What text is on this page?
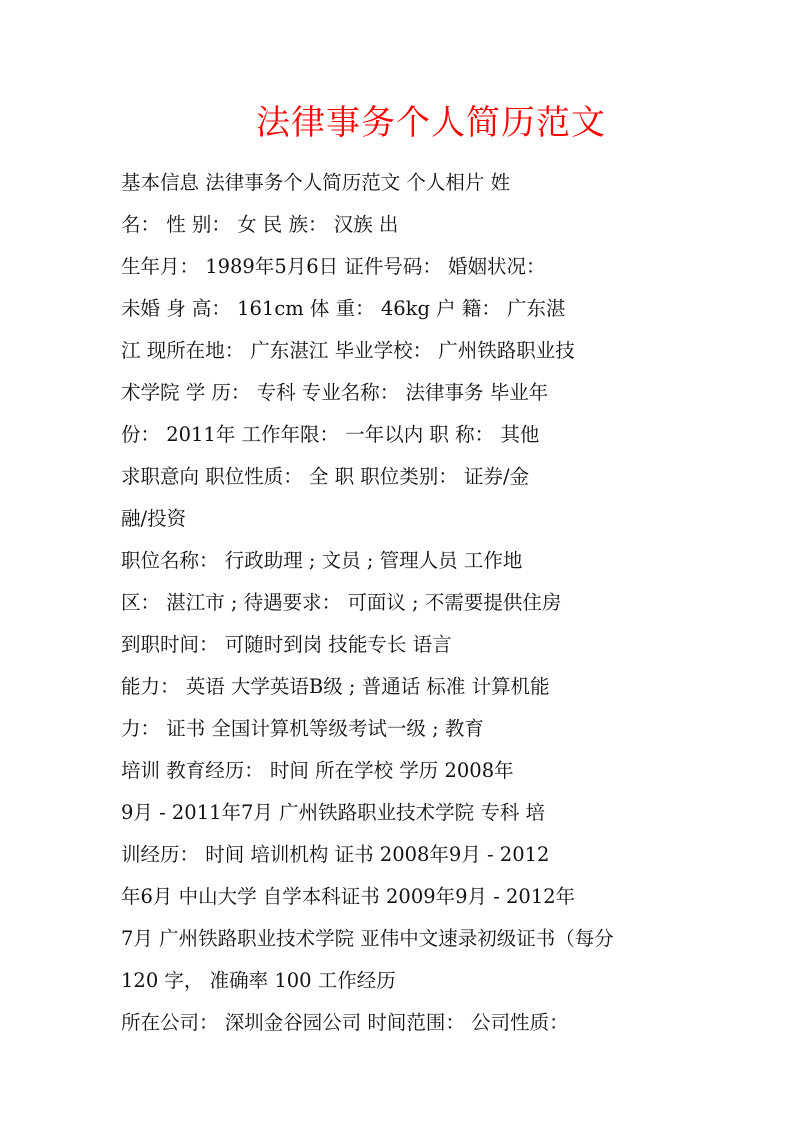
法律事务个人简历范文
基本信息 法律事务个人简历范文 个人相片 姓
名： 性 别： 女 民 族： 汉族 出
生年月： 1989年5月6日 证件号码： 婚姻状况：
未婚 身 高： 161cm 体 重： 46kg 户 籍： 广东湛
江 现所在地： 广东湛江 毕业学校： 广州铁路职业技
术学院 学 历： 专科 专业名称： 法律事务 毕业年
份： 2011年 工作年限： 一年以内 职 称： 其他
求职意向 职位性质： 全 职 职位类别： 证券/金
融/投资
职位名称： 行政助理 ; 文员 ; 管理人员 工作地
区： 湛江市 ; 待遇要求： 可面议 ; 不需要提供住房
到职时间： 可随时到岗 技能专长 语言
能力： 英语 大学英语B级 ; 普通话 标准 计算机能
力： 证书 全国计算机等级考试一级 ; 教育
培训 教育经历： 时间 所在学校 学历 2008年
9月 - 2011年7月 广州铁路职业技术学院 专科 培
训经历： 时间 培训机构 证书 2008年9月 - 2012
年6月 中山大学 自学本科证书 2009年9月 - 2012年
7月 广州铁路职业技术学院 亚伟中文速录初级证书（每分
120 字， 准确率 100 工作经历
所在公司： 深圳金谷园公司 时间范围： 公司性质：
